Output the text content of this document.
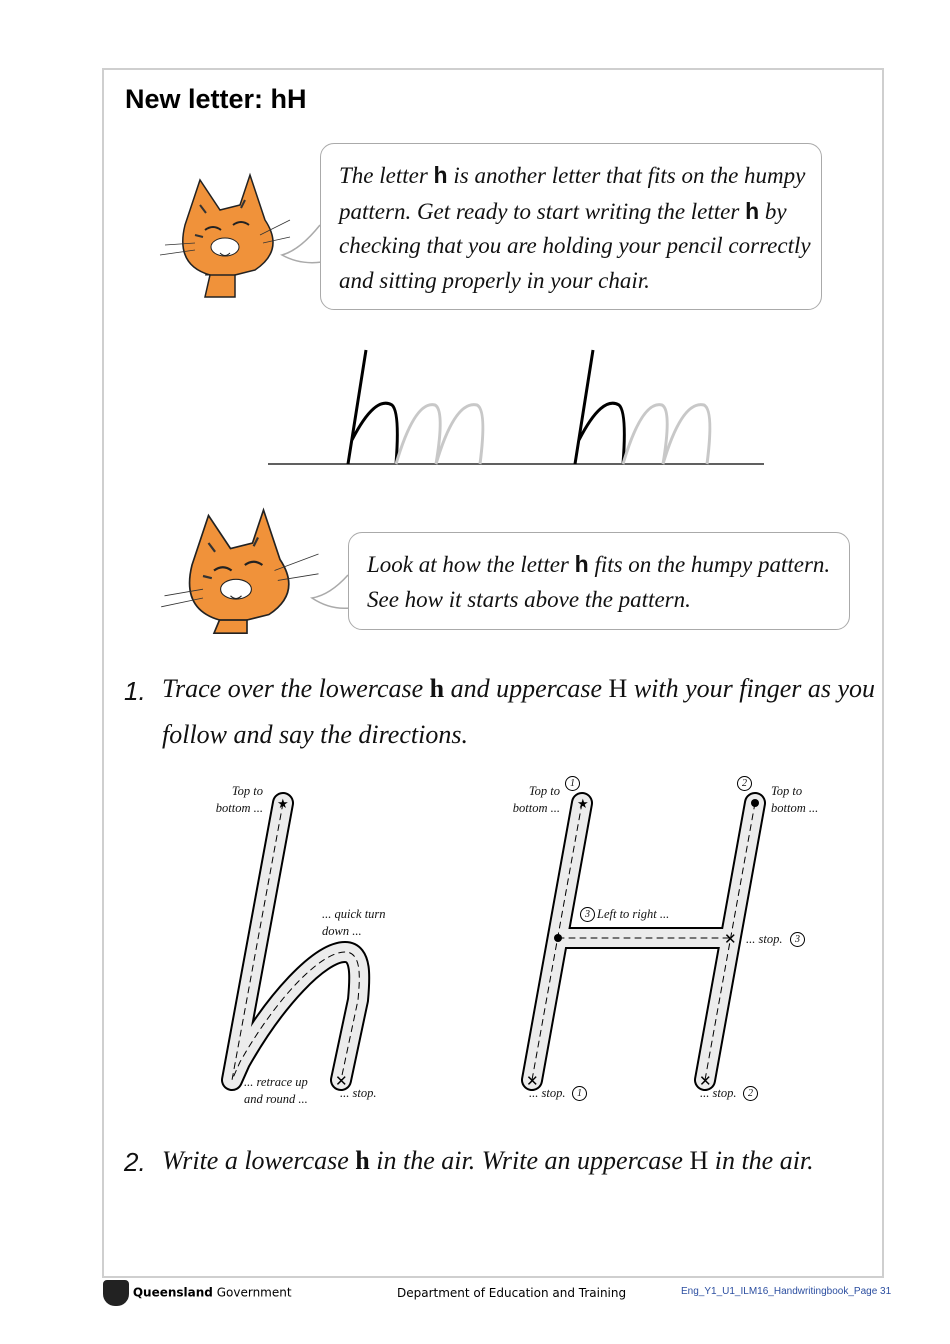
New letter: hH
★
✕
★
✕	✕
✕
The letter h is another letter that fits on the humpy
pattern. Get ready to start writing the letter h by
checking that you are holding your pencil correctly
and sitting properly in your chair.
Look at how the letter h fits on the humpy pattern.
See how it starts above the pattern.
1. Trace over the lowercase h and uppercase H with your finger as you
follow and say the directions.
Top to
bottom ...
... quick turn
down ...
... retrace up
and round ...	... stop.
Top to
bottom ...
1	2
Top to
bottom ...
3 Left to right ...
... stop.	3
... stop.	1	... stop.	2
2. Write a lowercase h in the air. Write an uppercase H in the air.
Queensland Government	Department of Education and Training	Eng_Y1_U1_ILM16_Handwritingbook_Page 31
